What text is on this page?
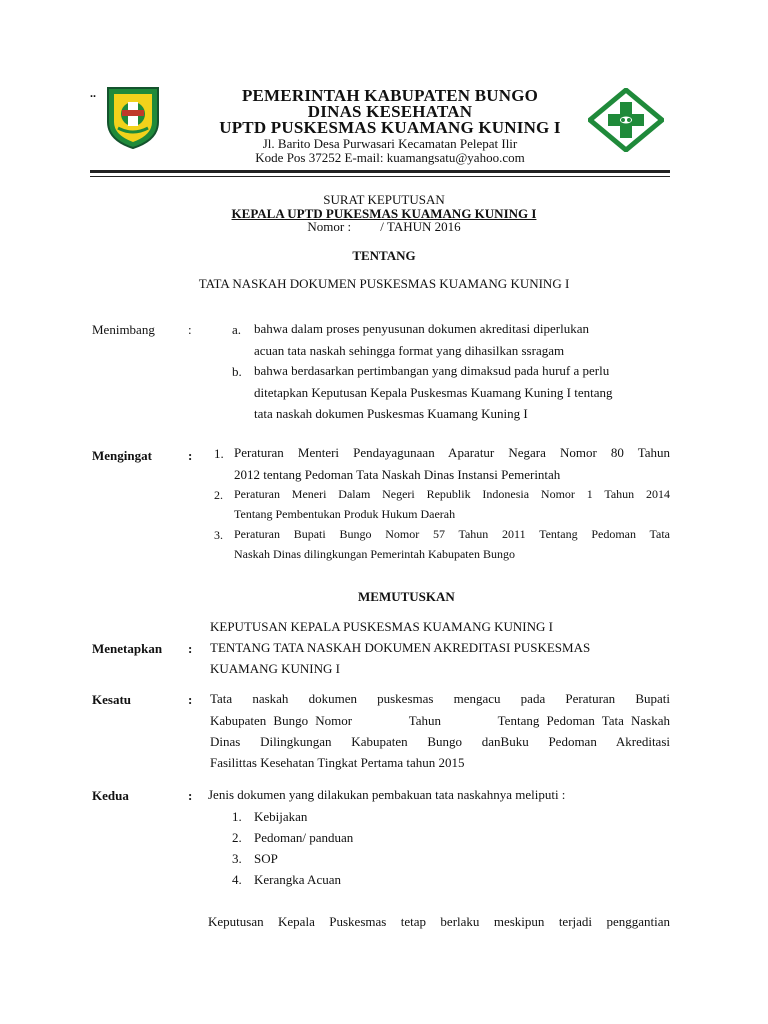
..	PEMERINTAH KABUPATEN BUNGO
DINAS KESEHATAN
UPTD PUSKESMAS KUAMANG KUNING I
Jl. Barito Desa Purwasari Kecamatan Pelepat Ilir
Kode Pos 37252 E-mail: kuamangsatu@yahoo.com
SURAT KEPUTUSAN
KEPALA UPTD PUKESMAS KUAMANG KUNING I
Nomor :         / TAHUN 2016
TENTANG
TATA NASKAH DOKUMEN PUSKESMAS KUAMANG KUNING I
Menimbang	:	a. bahwa dalam proses penyusunan dokumen akreditasi diperlukan
acuan tata naskah sehingga format yang dihasilkan ssragam
b. bahwa berdasarkan pertimbangan yang dimaksud pada huruf a perlu
ditetapkan Keputusan Kepala Puskesmas Kuamang Kuning I tentang
tata naskah dokumen Puskesmas Kuamang Kuning I
Mengingat	: 1. Peraturan Menteri Pendayagunaan Aparatur Negara Nomor 80 Tahun
2012 tentang Pedoman Tata Naskah Dinas Instansi Pemerintah
2. Peraturan Meneri Dalam Negeri Republik Indonesia Nomor 1 Tahun 2014
Tentang Pembentukan Produk Hukum Daerah
3. Peraturan Bupati Bungo Nomor 57 Tahun 2011 Tentang Pedoman Tata
Naskah Dinas dilingkungan Pemerintah Kabupaten Bungo
MEMUTUSKAN
KEPUTUSAN KEPALA PUSKESMAS KUAMANG KUNING I
Menetapkan : TENTANG TATA NASKAH DOKUMEN AKREDITASI PUSKESMAS
KUAMANG KUNING I
Kesatu	: Tata naskah dokumen puskesmas mengacu pada Peraturan Bupati
Kabupaten Bungo Nomor        Tahun        Tentang Pedoman Tata Naskah
Dinas Dilingkungan Kabupaten Bungo danBuku Pedoman Akreditasi
Fasilittas Kesehatan Tingkat Pertama tahun 2015
Kedua	: Jenis dokumen yang dilakukan pembakuan tata naskahnya meliputi :
1. Kebijakan
2. Pedoman/ panduan
3. SOP
4. Kerangka Acuan
Keputusan Kepala Puskesmas tetap berlaku meskipun terjadi penggantian
